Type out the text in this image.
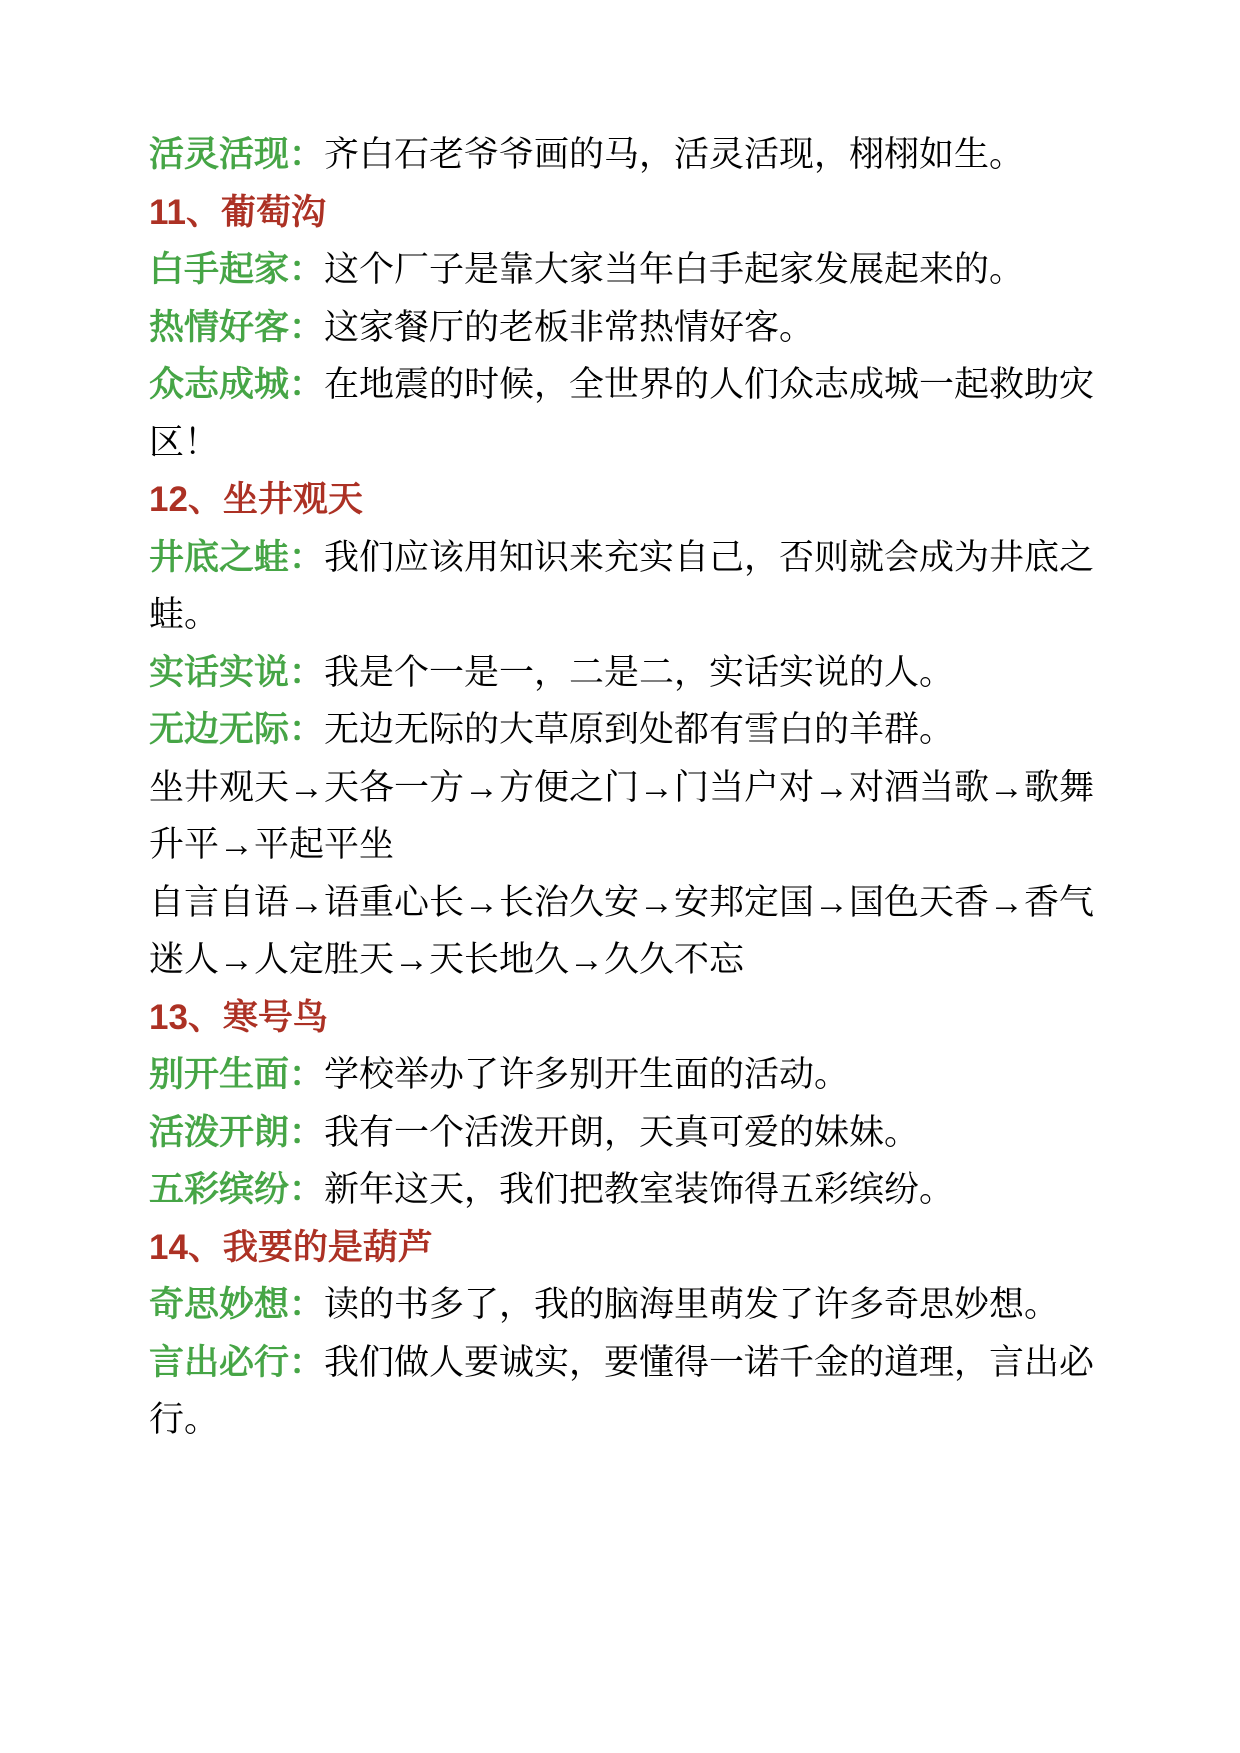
活灵活现：齐白石老爷爷画的马，活灵活现，栩栩如生。

11、葡萄沟

白手起家：这个厂子是靠大家当年白手起家发展起来的。

热情好客：这家餐厅的老板非常热情好客。

众志成城：在地震的时候，全世界的人们众志成城一起救助灾区！

12、坐井观天

井底之蛙：我们应该用知识来充实自己，否则就会成为井底之蛙。

实话实说：我是个一是一，二是二，实话实说的人。

无边无际：无边无际的大草原到处都有雪白的羊群。

坐井观天→天各一方→方便之门→门当户对→对酒当歌→歌舞升平→平起平坐

自言自语→语重心长→长治久安→安邦定国→国色天香→香气迷人→人定胜天→天长地久→久久不忘

13、寒号鸟

别开生面：学校举办了许多别开生面的活动。

活泼开朗：我有一个活泼开朗，天真可爱的妹妹。

五彩缤纷：新年这天，我们把教室装饰得五彩缤纷。

14、我要的是葫芦

奇思妙想：读的书多了，我的脑海里萌发了许多奇思妙想。

言出必行：我们做人要诚实，要懂得一诺千金的道理，言出必行。
